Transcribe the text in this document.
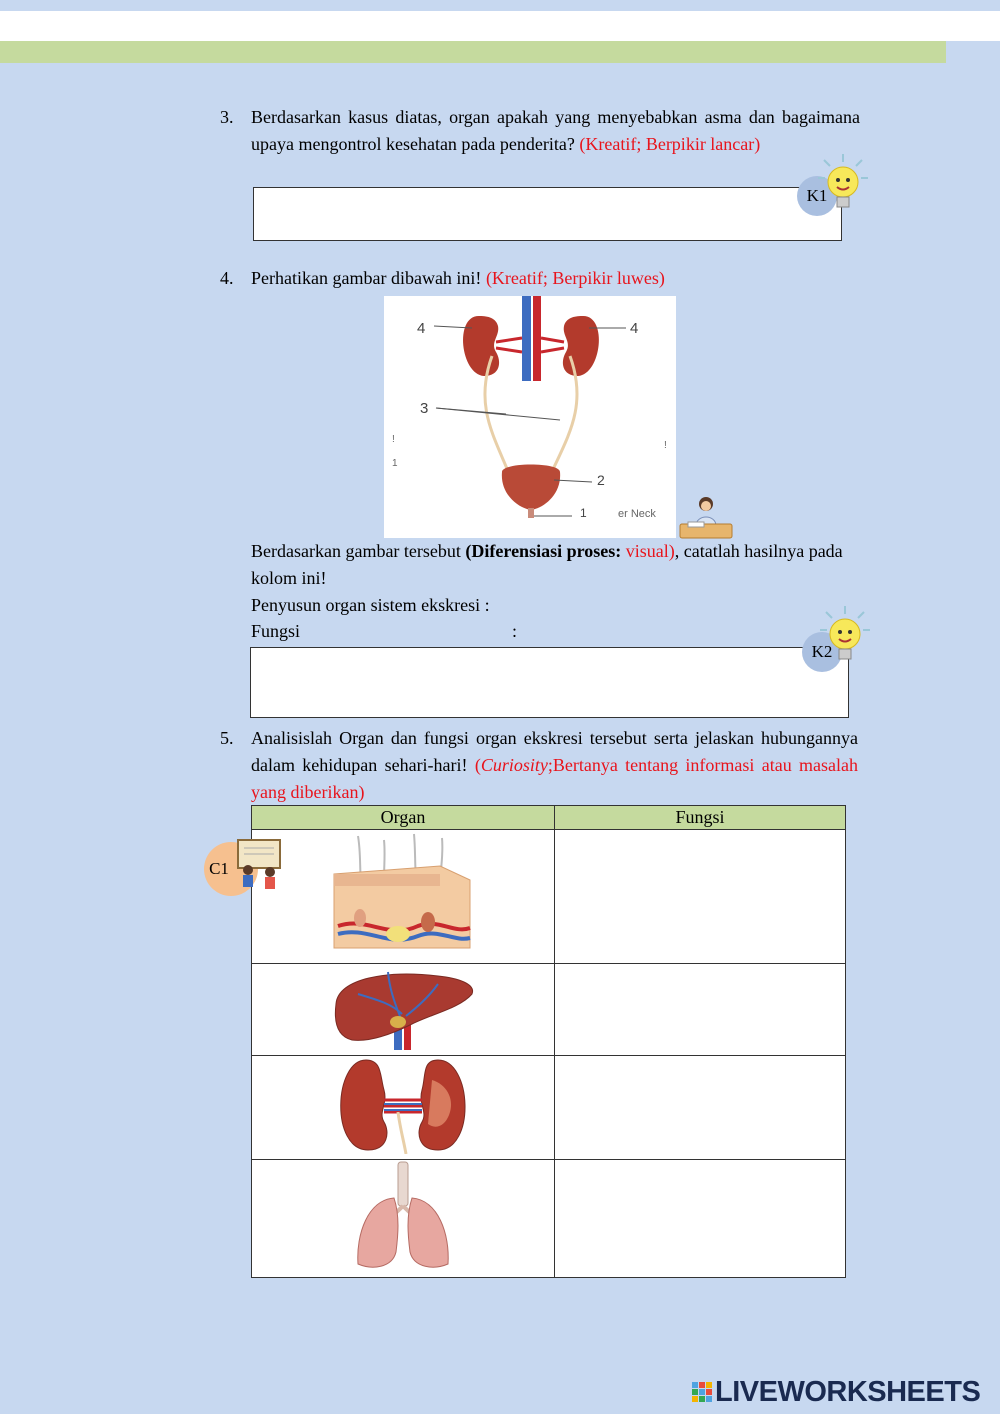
3. Berdasarkan kasus diatas, organ apakah yang menyebabkan asma dan bagaimana upaya mengontrol kesehatan pada penderita? (Kreatif; Berpikir lancar)
K1
4. Perhatikan gambar dibawah ini! (Kreatif; Berpikir luwes)
!
1
!
4	4
3
2
1	er Neck
Berdasarkan gambar tersebut (Diferensiasi proses: visual), catatlah hasilnya pada kolom ini!
Penyusun organ sistem ekskresi :
Fungsi	:
K2
5. Analisislah Organ dan fungsi organ ekskresi tersebut serta jelaskan hubungannya dalam kehidupan sehari-hari! (Curiosity;Bertanya tentang informasi atau masalah yang diberikan)
Organ	Fungsi

C1
LIVEWORKSHEETS
